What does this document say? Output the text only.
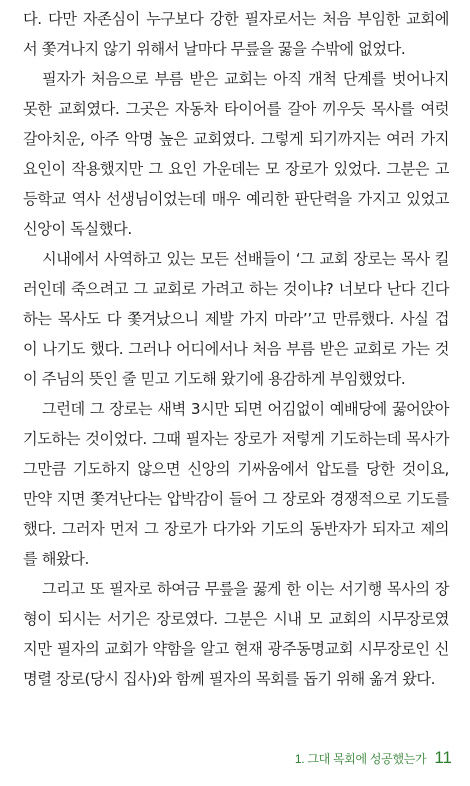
다. 다만 자존심이 누구보다 강한 필자로서는 처음 부임한 교회에
서 쫓겨나지 않기 위해서 날마다 무릎을 꿇을 수밖에 없었다.
필자가 처음으로 부름 받은 교회는 아직 개척 단계를 벗어나지
못한 교회였다. 그곳은 자동차 타이어를 갈아 끼우듯 목사를 여럿
갈아치운, 아주 악명 높은 교회였다. 그렇게 되기까지는 여러 가지
요인이 작용했지만 그 요인 가운데는 모 장로가 있었다. 그분은 고
등학교 역사 선생님이었는데 매우 예리한 판단력을 가지고 있었고
신앙이 독실했다.
시내에서 사역하고 있는 모든 선배들이 ‘그 교회 장로는 목사 킬
러인데 죽으려고 그 교회로 가려고 하는 것이냐? 너보다 난다 긴다
하는 목사도 다 쫓겨났으니 제발 가지 마라’’고 만류했다. 사실 겁
이 나기도 했다. 그러나 어디에서나 처음 부름 받은 교회로 가는 것
이 주님의 뜻인 줄 믿고 기도해 왔기에 용감하게 부임했었다.
그런데 그 장로는 새벽 3시만 되면 어김없이 예배당에 꿇어앉아
기도하는 것이었다. 그때 필자는 장로가 저렇게 기도하는데 목사가
그만큼 기도하지 않으면 신앙의 기싸움에서 압도를 당한 것이요,
만약 지면 쫓겨난다는 압박감이 들어 그 장로와 경쟁적으로 기도를
했다. 그러자 먼저 그 장로가 다가와 기도의 동반자가 되자고 제의
를 해왔다.
그리고 또 필자로 하여금 무릎을 꿇게 한 이는 서기행 목사의 장
형이 되시는 서기은 장로였다. 그분은 시내 모 교회의 시무장로였
지만 필자의 교회가 약함을 알고 현재 광주동명교회 시무장로인 신
명렬 장로(당시 집사)와 함께 필자의 목회를 돕기 위해 옮겨 왔다.
1. 그대 목회에 성공했는가 11
